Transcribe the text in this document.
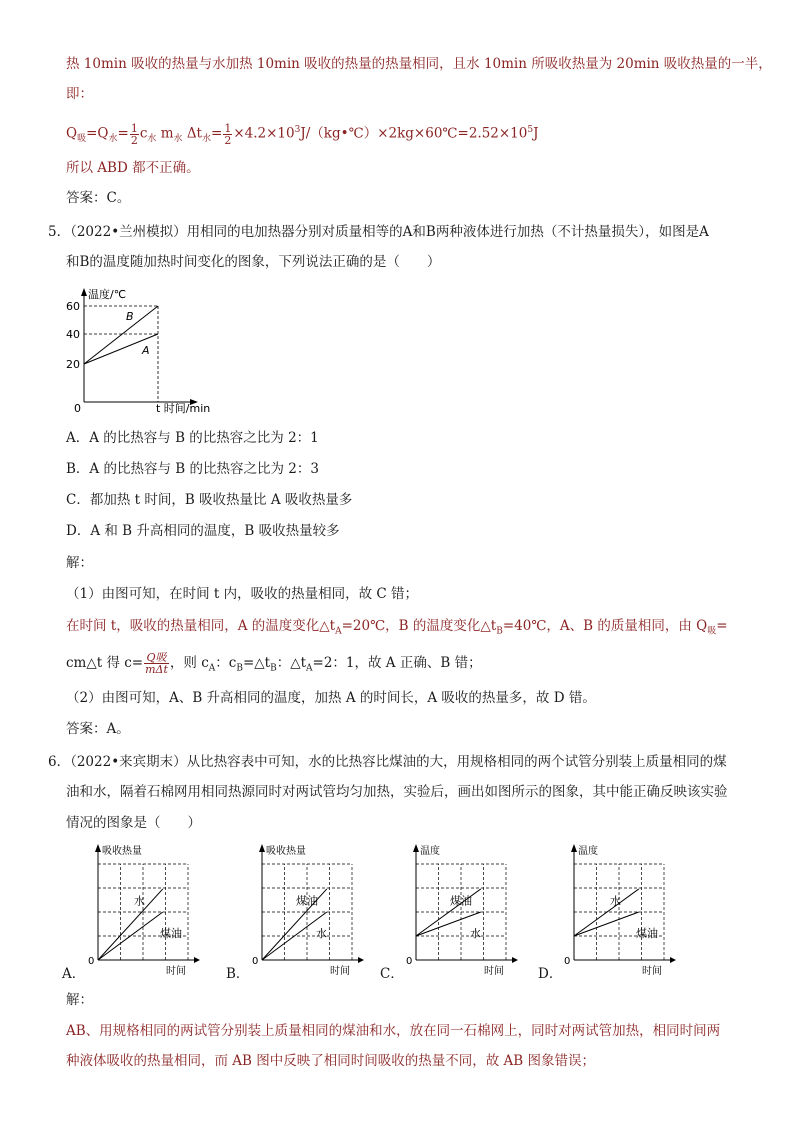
热 10min 吸收的热量与水加热 10min 吸收的热量的热量相同，且水 10min 所吸收热量为 20min 吸收热量的一半，
即：
$Q_吸=Q_水= \frac{1}{2} c_水$ $m_水$ $\Delta t_水= \frac{1}{2}$ $\times 4.2\times 10^3J/(kg•℃)\times 2kg\times 60℃=2.52\times 10^5J$
所以 ABD 都不正确。
答案：C。
5．（2022•兰州模拟）用相同的电加热器分别对质量相等的A和B两种液体进行加热（不计热量损失），如图是A
和B的温度随加热时间变化的图象，下列说法正确的是（　　）
温度/℃
t 时间/min
0
60
40
20
B
A
A．A 的比热容与 B 的比热容之比为 2：1
B．A 的比热容与 B 的比热容之比为 2：3
C．都加热 t 时间，B 吸收热量比 A 吸收热量多
D．A 和 B 升高相同的温度，B 吸收热量较多
解：
（1）由图可知，在时间 t 内，吸收的热量相同，故 C 错；
在时间 t，吸收的热量相同，A 的温度变化$\triangle t_A=20℃$，B 的温度变化$\triangle t_B=40℃$，A、B 的质量相同，由 $Q_吸=$
cm△t 得 $c= \frac{\text{Q吸}}{\text{mΔt}}$ ，则 $c_A$：$c_B=\triangle t_B$：$\triangle t_A=2$：1，故 A 正确、B 错；
（2）由图可知，A、B 升高相同的温度，加热 A 的时间长，A 吸收的热量多，故 D 错。
答案：A。
6．（2022•来宾期末）从比热容表中可知，水的比热容比煤油的大，用规格相同的两个试管分别装上质量相同的煤
油和水，隔着石棉网用相同热源同时对两试管均匀加热，实验后，画出如图所示的图象，其中能正确反映该实验
情况的图象是（　　）
A．
吸收热量
时间
0
水
煤油
B．
吸收热量
时间
0
煤油
水
C．
温度
时间
0
煤油
水
D．
温度
时间
0
水
煤油
解：
AB、用规格相同的两试管分别装上质量相同的煤油和水，放在同一石棉网上，同时对两试管加热，相同时间两
种液体吸收的热量相同，而 AB 图中反映了相同时间吸收的热量不同，故 AB 图象错误；
